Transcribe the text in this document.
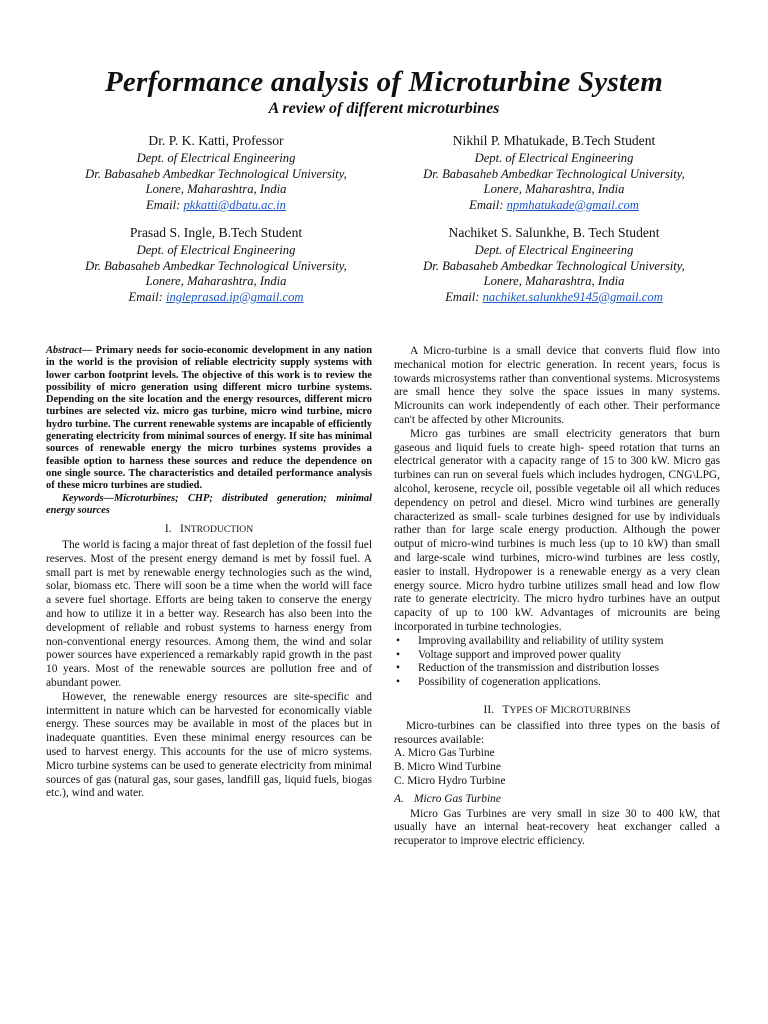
Performance analysis of Microturbine System
A review of different microturbines
Dr. P. K. Katti, Professor
Dept. of Electrical Engineering
Dr. Babasaheb Ambedkar Technological University,
Lonere, Maharashtra, India
Email: pkkatti@dbatu.ac.in
Nikhil P. Mhatukade, B.Tech Student
Dept. of Electrical Engineering
Dr. Babasaheb Ambedkar Technological University,
Lonere, Maharashtra, India
Email: npmhatukade@gmail.com
Prasad S. Ingle, B.Tech Student
Dept. of Electrical Engineering
Dr. Babasaheb Ambedkar Technological University,
Lonere, Maharashtra, India
Email: ingleprasad.ip@gmail.com
Nachiket S. Salunkhe, B. Tech Student
Dept. of Electrical Engineering
Dr. Babasaheb Ambedkar Technological University,
Lonere, Maharashtra, India
Email: nachiket.salunkhe9145@gmail.com

Abstract— Primary needs for socio-economic development in any nation in the world is the provision of reliable electricity supply systems with lower carbon footprint levels. The objective of this work is to review the possibility of micro generation using different micro turbine systems. Depending on the site location and the energy resources, different micro turbines are selected viz. micro gas turbine, micro wind turbine, micro hydro turbine. The current renewable systems are incapable of efficiently generating electricity from minimal sources of energy. If site has minimal sources of renewable energy the micro turbines systems provides a feasible option to harness these sources and reduce the dependence on one single source. The characteristics and detailed performance analysis of these micro turbines are studied.

Keywords—Microturbines; CHP; distributed generation; minimal energy sources

I. INTRODUCTION

The world is facing a major threat of fast depletion of the fossil fuel reserves. Most of the present energy demand is met by fossil fuel. A small part is met by renewable energy technologies such as the wind, solar, biomass etc. There will soon be a time when the world will face a severe fuel shortage. Efforts are being taken to conserve the energy and how to utilize it in a better way. Research has also been into the development of reliable and robust systems to harness energy from non-conventional energy resources. Among them, the wind and solar power sources have experienced a remarkably rapid growth in the past 10 years. Most of the renewable sources are pollution free and of abundant power.

However, the renewable energy resources are site-specific and intermittent in nature which can be harvested for economically viable energy. These sources may be available in most of the places but in inadequate quantities. Even these minimal energy resources can be used to harvest energy. This accounts for the use of micro systems. Micro turbine systems can be used to generate electricity from minimal sources of gas (natural gas, sour gases, landfill gas, liquid fuels, biogas etc.), wind and water.

A Micro-turbine is a small device that converts fluid flow into mechanical motion for electric generation. In recent years, focus is towards microsystems rather than conventional systems. Microsystems are small hence they solve the space issues in many systems. Microunits can work independently of each other. Their performance can't be affected by other Microunits.

Micro gas turbines are small electricity generators that burn gaseous and liquid fuels to create high- speed rotation that turns an electrical generator with a capacity range of 15 to 300 kW. Micro gas turbines can run on several fuels which includes hydrogen, CNG\LPG, alcohol, kerosene, recycle oil, possible vegetable oil all which reduces dependency on petrol and diesel. Micro wind turbines are generally characterized as small- scale turbines designed for use by individuals rather than for large scale energy production. Although the power output of micro-wind turbines is much less (up to 10 kW) than small and large-scale wind turbines, micro-wind turbines are less costly, easier to install. Hydropower is a renewable energy as a very clean energy source. Micro hydro turbine utilizes small head and low flow rate to generate electricity. The micro hydro turbines have an output capacity of up to 100 kW. Advantages of microunits are being incorporated in turbine technologies.

• Improving availability and reliability of utility system
• Voltage support and improved power quality
• Reduction of the transmission and distribution losses
• Possibility of cogeneration applications.
II. TYPES OF MICROTURBINES

Micro-turbines can be classified into three types on the basis of resources available:

A. Micro Gas Turbine

B. Micro Wind Turbine

C. Micro Hydro Turbine

A. Micro Gas Turbine

Micro Gas Turbines are very small in size 30 to 400 kW, that usually have an internal heat-recovery heat exchanger called a recuperator to improve electric efficiency.
